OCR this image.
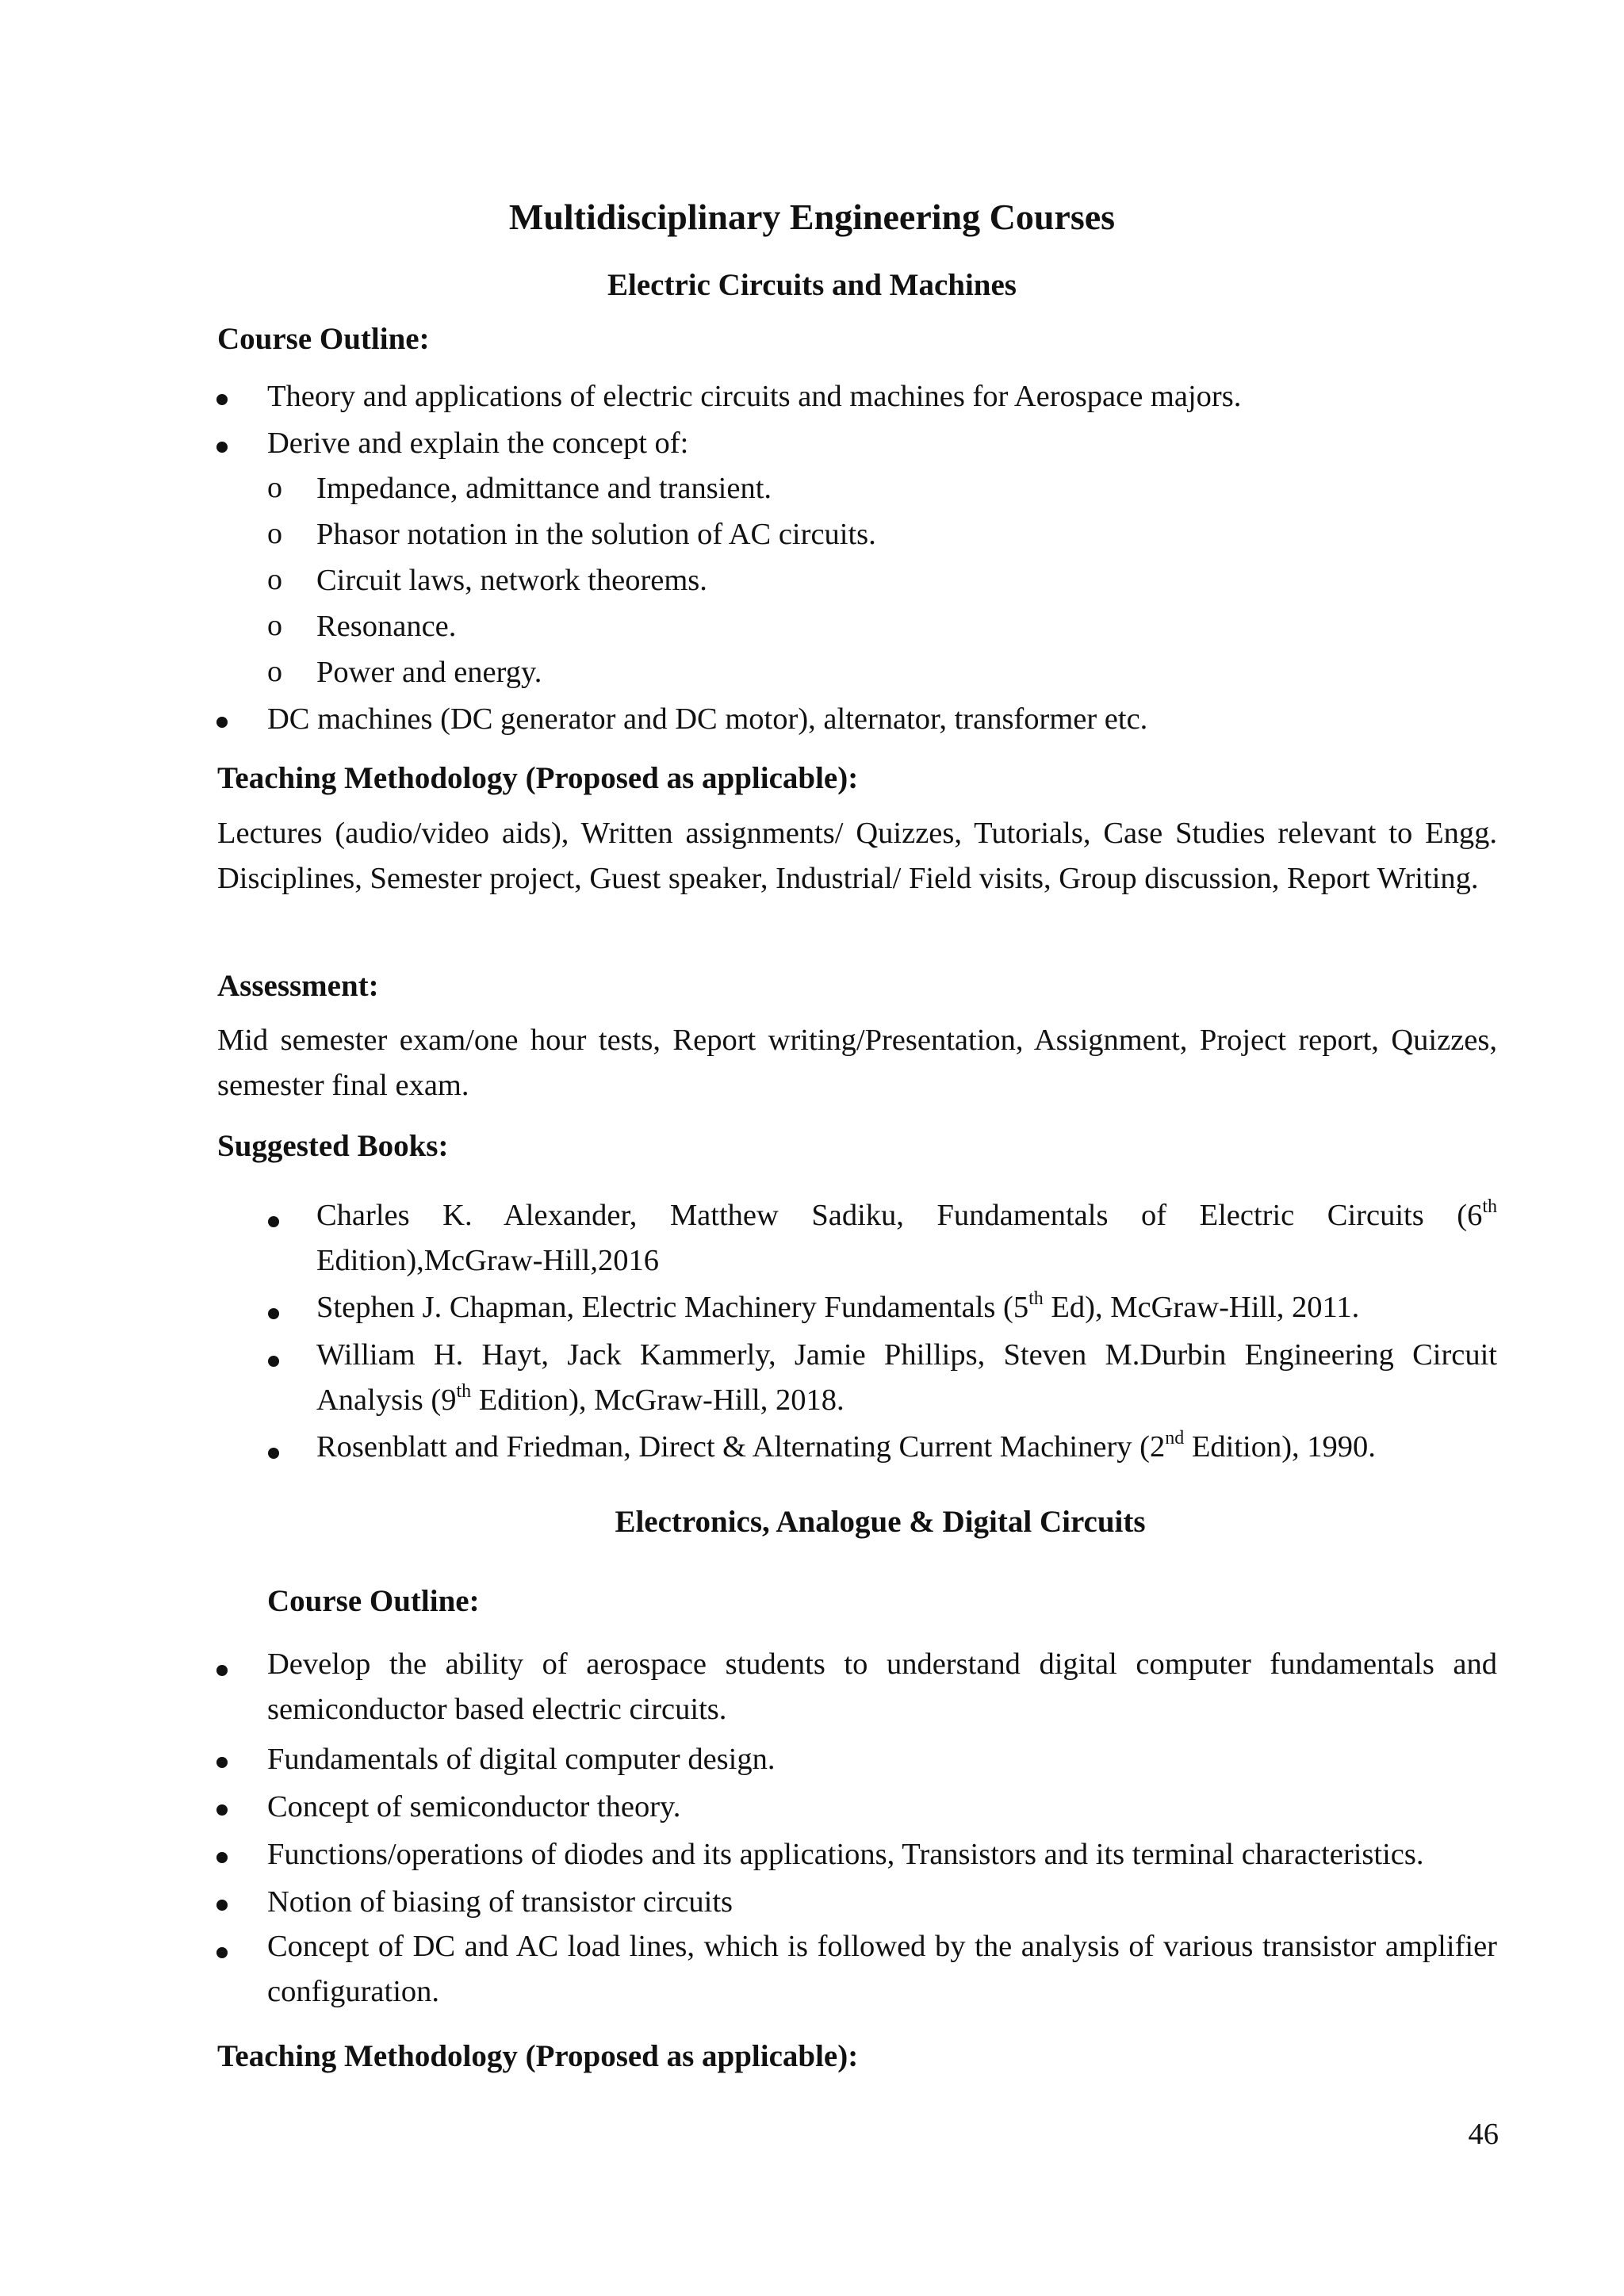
Multidisciplinary Engineering Courses
Electric Circuits and Machines
Course Outline:
Theory and applications of electric circuits and machines for Aerospace majors.
Derive and explain the concept of:
o Impedance, admittance and transient.
o Phasor notation in the solution of AC circuits.
o Circuit laws, network theorems.
o Resonance.
o Power and energy.
DC machines (DC generator and DC motor), alternator, transformer etc.
Teaching Methodology (Proposed as applicable):
Lectures (audio/video aids), Written assignments/ Quizzes, Tutorials, Case Studies relevant to Engg. Disciplines, Semester project, Guest speaker, Industrial/ Field visits, Group discussion, Report Writing.
Assessment:
Mid semester exam/one hour tests, Report writing/Presentation, Assignment, Project report, Quizzes, semester final exam.
Suggested Books:
Charles K. Alexander, Matthew Sadiku, Fundamentals of Electric Circuits (6th Edition),McGraw-Hill,2016
Stephen J. Chapman, Electric Machinery Fundamentals (5th Ed), McGraw-Hill, 2011.
William H. Hayt, Jack Kammerly, Jamie Phillips, Steven M.Durbin Engineering Circuit Analysis (9th Edition), McGraw-Hill, 2018.
Rosenblatt and Friedman, Direct & Alternating Current Machinery (2nd Edition), 1990.
Electronics, Analogue & Digital Circuits
Course Outline:
Develop the ability of aerospace students to understand digital computer fundamentals and semiconductor based electric circuits.
Fundamentals of digital computer design.
Concept of semiconductor theory.
Functions/operations of diodes and its applications, Transistors and its terminal characteristics.
Notion of biasing of transistor circuits
Concept of DC and AC load lines, which is followed by the analysis of various transistor amplifier configuration.
Teaching Methodology (Proposed as applicable):
46
